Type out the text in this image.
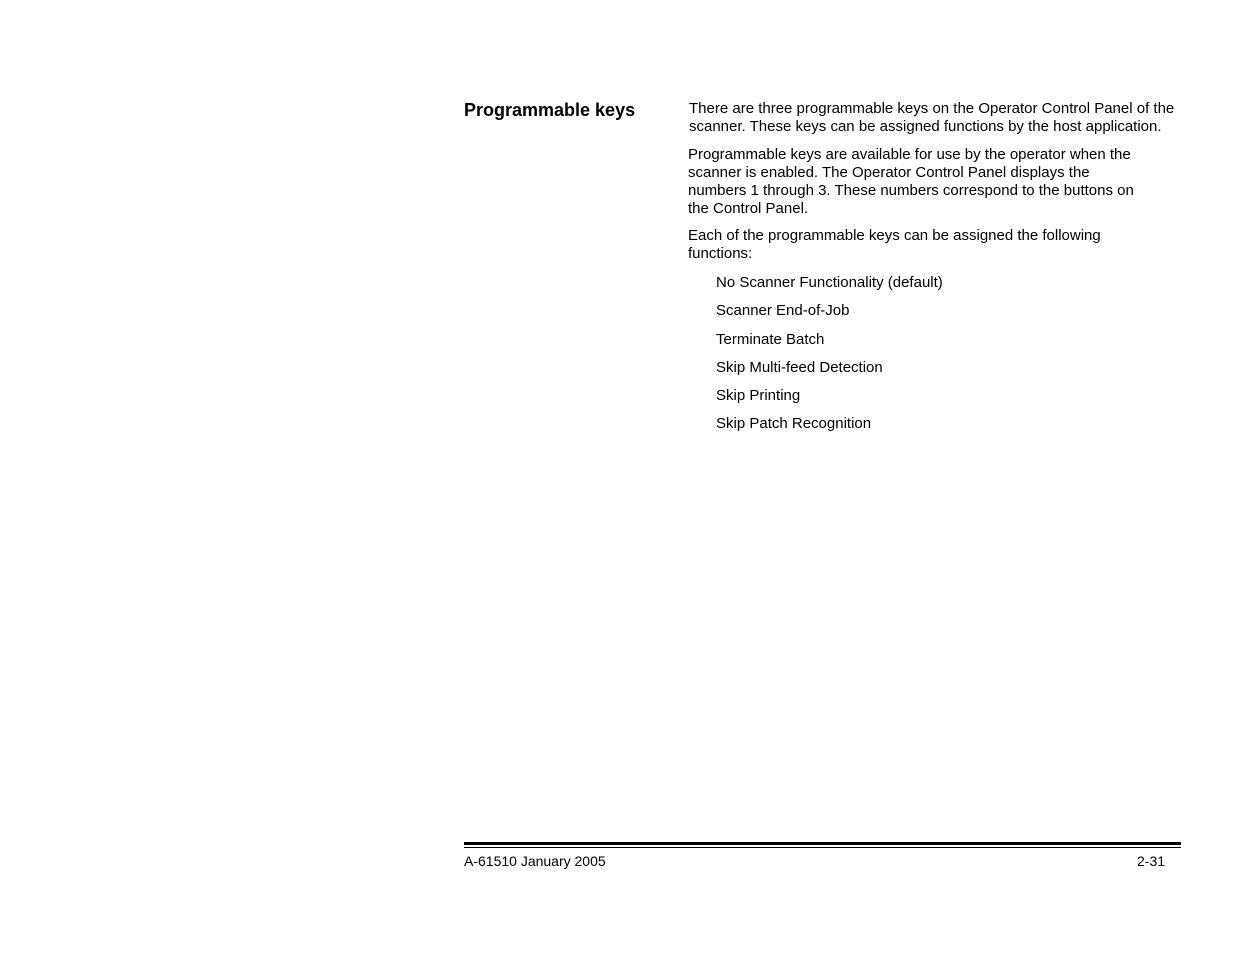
Programmable keys	There are three programmable keys on the Operator Control Panel of the scanner. These keys can be assigned functions by the host application.

Programmable keys are available for use by the operator when the scanner is enabled. The Operator Control Panel displays the numbers 1 through 3. These numbers correspond to the buttons on the Control Panel.

Each of the programmable keys can be assigned the following functions:

No Scanner Functionality (default)
Scanner End-of-Job
Terminate Batch
Skip Multi-feed Detection
Skip Printing
Skip Patch Recognition
A-61510 January 2005	2-31
